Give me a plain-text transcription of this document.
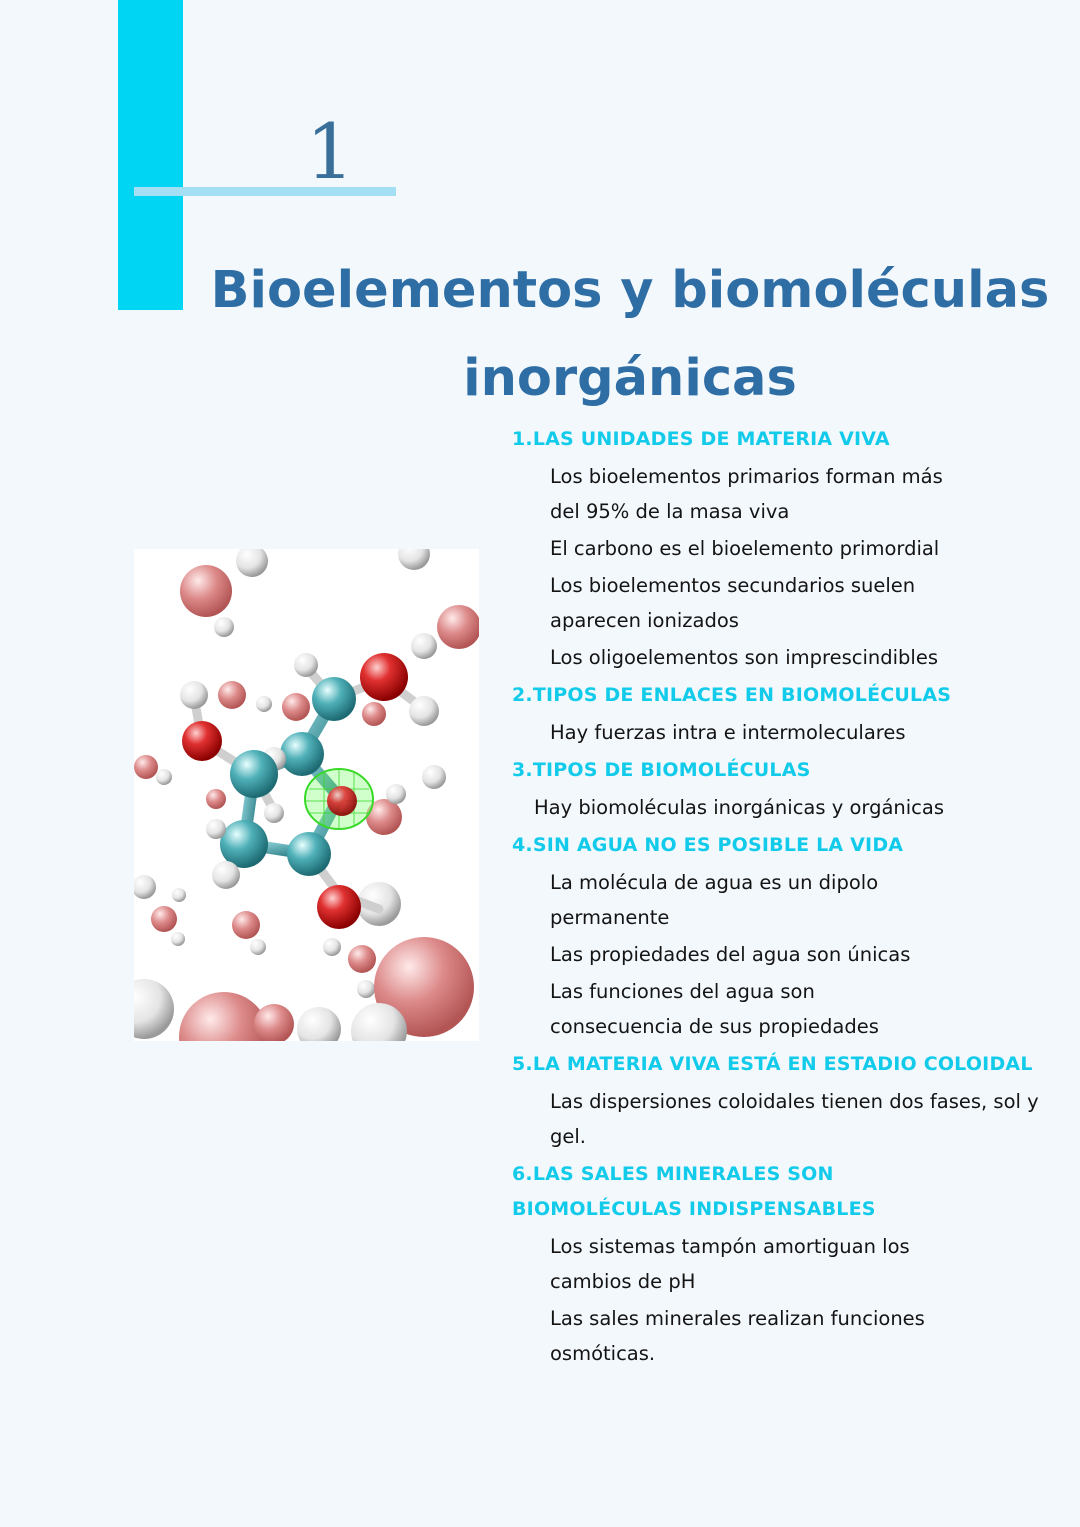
1
Bioelementos y biomoléculas
inorgánicas
1.LAS UNIDADES DE MATERIA VIVA
Los bioelementos primarios forman más
del 95% de la masa viva
El carbono es el bioelemento primordial
Los bioelementos secundarios suelen
aparecen ionizados
Los oligoelementos son imprescindibles
2.TIPOS DE ENLACES EN BIOMOLÉCULAS
Hay fuerzas intra e intermoleculares
3.TIPOS DE BIOMOLÉCULAS
Hay biomoléculas inorgánicas y orgánicas
4.SIN AGUA NO ES POSIBLE LA VIDA
La molécula de agua es un dipolo
permanente
Las propiedades del agua son únicas
Las funciones del agua son
consecuencia de sus propiedades
5.LA MATERIA VIVA ESTÁ EN ESTADIO COLOIDAL
Las dispersiones coloidales tienen dos fases, sol y
gel.
6.LAS SALES MINERALES SON
BIOMOLÉCULAS INDISPENSABLES
Los sistemas tampón amortiguan los
cambios de pH
Las sales minerales realizan funciones
osmóticas.
